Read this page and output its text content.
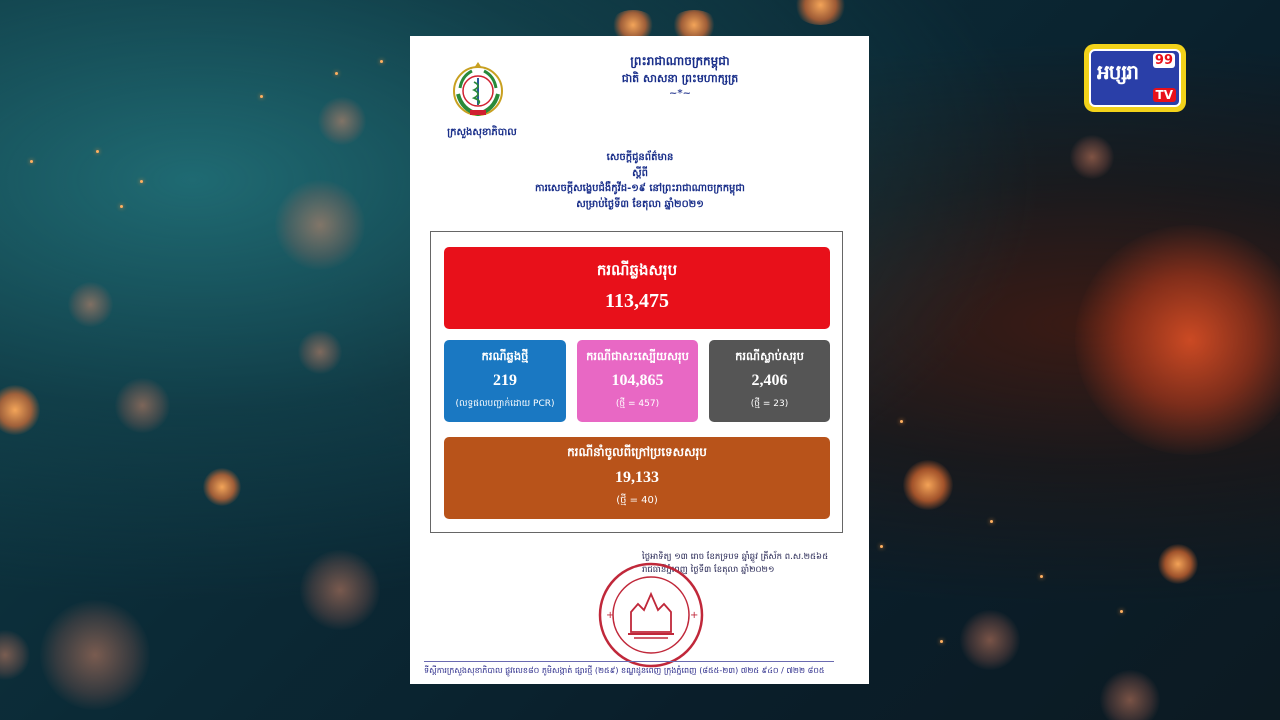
ក្រសួងសុខាភិបាល
ព្រះរាជាណាចក្រកម្ពុជា
ជាតិ សាសនា ព្រះមហាក្សត្រ
~*~
សេចក្ដីជូនព័ត៌មាន
ស្ដីពី
ការសេចក្ដីសង្ខេបជំងឺកូវីដ-១៩ នៅព្រះរាជាណាចក្រកម្ពុជា
សម្រាប់ថ្ងៃទី៣ ខែតុលា ឆ្នាំ២០២១
ករណីឆ្លងសរុប
113,475
ករណីឆ្លងថ្មី
219
(លទ្ធផលបញ្ជាក់ដោយ PCR)
ករណីជាសះស្បើយសរុប
104,865
(ថ្មី = 457)
ករណីស្លាប់សរុប
2,406
(ថ្មី = 23)
ករណីនាំចូលពីក្រៅប្រទេសសរុប
19,133
(ថ្មី = 40)
ថ្ងៃអាទិត្យ ១៣ រោច ខែភទ្របទ ឆ្នាំឆ្លូវ ត្រីស័ក ព.ស.២៥៦៥
រាជធានីភ្នំពេញ ថ្ងៃទី៣ ខែតុលា ឆ្នាំ២០២១
+	+
ទីស្ដីការក្រសួងសុខាភិបាល ផ្លូវលេខ៨០ ភូមិសង្កាត់ ផ្សារថ្មី (២៥៩) ខណ្ឌដូនពេញ ក្រុងភ្នំពេញ (៨៥៥-២៣) ៧២៥ ៩៤០ / ៧២២ ៨០៥
អប្សរា 99
TV
